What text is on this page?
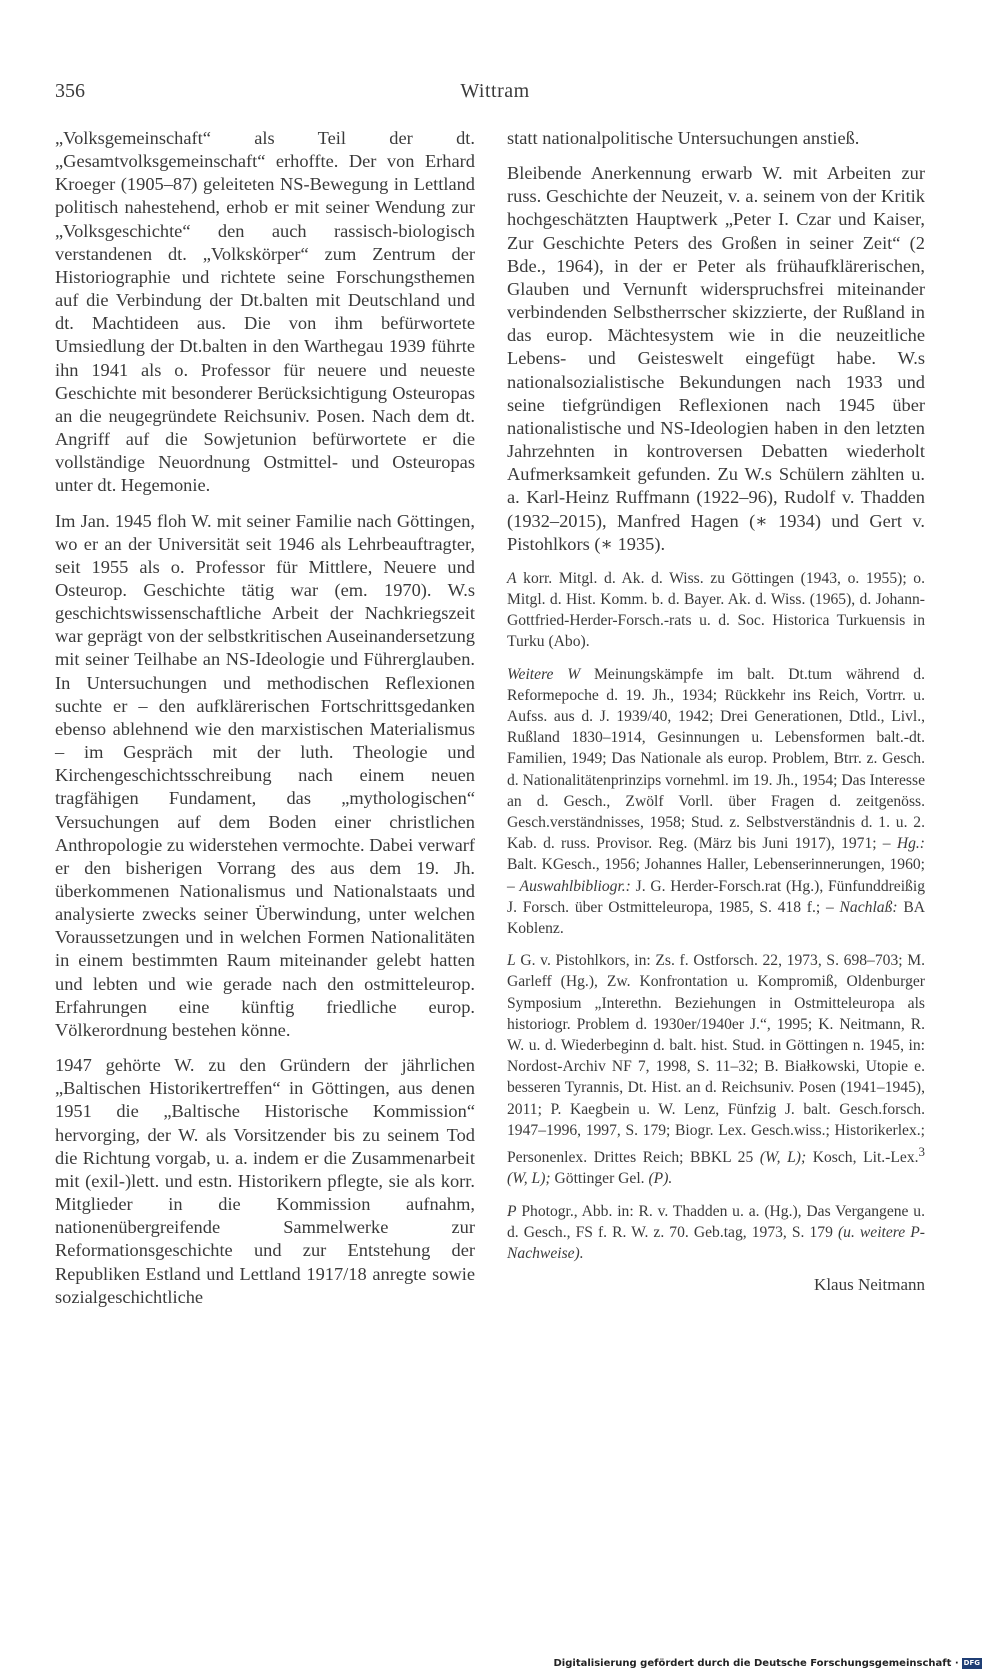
356	Wittram

„Volksgemeinschaft“ als Teil der dt. „Gesamtvolksgemeinschaft“ erhoffte. Der von Erhard Kroeger (1905–87) geleiteten NS-Bewegung in Lettland politisch nahestehend, erhob er mit seiner Wendung zur „Volksgeschichte“ den auch rassisch-biologisch verstandenen dt. „Volkskörper“ zum Zentrum der Historiographie und richtete seine Forschungsthemen auf die Verbindung der Dt.balten mit Deutschland und dt. Machtideen aus. Die von ihm befürwortete Umsiedlung der Dt.balten in den Warthegau 1939 führte ihn 1941 als o. Professor für neuere und neueste Geschichte mit besonderer Berücksichtigung Osteuropas an die neugegründete Reichsuniv. Posen. Nach dem dt. Angriff auf die Sowjetunion befürwortete er die vollständige Neuordnung Ostmittel- und Osteuropas unter dt. Hegemonie.

Im Jan. 1945 floh W. mit seiner Familie nach Göttingen, wo er an der Universität seit 1946 als Lehrbeauftragter, seit 1955 als o. Professor für Mittlere, Neuere und Osteurop. Geschichte tätig war (em. 1970). W.s geschichtswissenschaftliche Arbeit der Nachkriegszeit war geprägt von der selbstkritischen Auseinandersetzung mit seiner Teilhabe an NS-Ideologie und Führerglauben. In Untersuchungen und methodischen Reflexionen suchte er – den aufklärerischen Fortschrittsgedanken ebenso ablehnend wie den marxistischen Materialismus – im Gespräch mit der luth. Theologie und Kirchengeschichtsschreibung nach einem neuen tragfähigen Fundament, das „mythologischen“ Versuchungen auf dem Boden einer christlichen Anthropologie zu widerstehen vermochte. Dabei verwarf er den bisherigen Vorrang des aus dem 19. Jh. überkommenen Nationalismus und Nationalstaats und analysierte zwecks seiner Überwindung, unter welchen Voraussetzungen und in welchen Formen Nationalitäten in einem bestimmten Raum miteinander gelebt hatten und lebten und wie gerade nach den ostmitteleurop. Erfahrungen eine künftig friedliche europ. Völkerordnung bestehen könne.

1947 gehörte W. zu den Gründern der jährlichen „Baltischen Historikertreffen“ in Göttingen, aus denen 1951 die „Baltische Historische Kommission“ hervorging, der W. als Vorsitzender bis zu seinem Tod die Richtung vorgab, u. a. indem er die Zusammenarbeit mit (exil-)lett. und estn. Historikern pflegte, sie als korr. Mitglieder in die Kommission aufnahm, nationenübergreifende Sammelwerke zur Reformationsgeschichte und zur Entstehung der Republiken Estland und Lettland 1917/18 anregte sowie sozialgeschichtliche

statt nationalpolitische Untersuchungen anstieß.

Bleibende Anerkennung erwarb W. mit Arbeiten zur russ. Geschichte der Neuzeit, v. a. seinem von der Kritik hochgeschätzten Hauptwerk „Peter I. Czar und Kaiser, Zur Geschichte Peters des Großen in seiner Zeit“ (2 Bde., 1964), in der er Peter als frühaufklärerischen, Glauben und Vernunft widerspruchsfrei miteinander verbindenden Selbstherrscher skizzierte, der Rußland in das europ. Mächtesystem wie in die neuzeitliche Lebens- und Geisteswelt eingefügt habe. W.s nationalsozialistische Bekundungen nach 1933 und seine tiefgründigen Reflexionen nach 1945 über nationalistische und NS-Ideologien haben in den letzten Jahrzehnten in kontroversen Debatten wiederholt Aufmerksamkeit gefunden. Zu W.s Schülern zählten u. a. Karl-Heinz Ruffmann (1922–96), Rudolf v. Thadden (1932–2015), Manfred Hagen (∗ 1934) und Gert v. Pistohlkors (∗ 1935).

A korr. Mitgl. d. Ak. d. Wiss. zu Göttingen (1943, o. 1955); o. Mitgl. d. Hist. Komm. b. d. Bayer. Ak. d. Wiss. (1965), d. Johann-Gottfried-Herder-Forsch.-rats u. d. Soc. Historica Turkuensis in Turku (Abo).

Weitere W Meinungskämpfe im balt. Dt.tum während d. Reformepoche d. 19. Jh., 1934; Rückkehr ins Reich, Vortrr. u. Aufss. aus d. J. 1939/40, 1942; Drei Generationen, Dtld., Livl., Rußland 1830–1914, Gesinnungen u. Lebensformen balt.-dt. Familien, 1949; Das Nationale als europ. Problem, Btrr. z. Gesch. d. Nationalitätenprinzips vornehml. im 19. Jh., 1954; Das Interesse an d. Gesch., Zwölf Vorll. über Fragen d. zeitgenöss. Gesch.verständnisses, 1958; Stud. z. Selbstverständnis d. 1. u. 2. Kab. d. russ. Provisor. Reg. (März bis Juni 1917), 1971; – Hg.: Balt. KGesch., 1956; Johannes Haller, Lebenserinnerungen, 1960; – Auswahlbibliogr.: J. G. Herder-Forsch.rat (Hg.), Fünfunddreißig J. Forsch. über Ostmitteleuropa, 1985, S. 418 f.; – Nachlaß: BA Koblenz.

L G. v. Pistohlkors, in: Zs. f. Ostforsch. 22, 1973, S. 698–703; M. Garleff (Hg.), Zw. Konfrontation u. Kompromiß, Oldenburger Symposium „Interethn. Beziehungen in Ostmitteleuropa als historiogr. Problem d. 1930er/1940er J.“, 1995; K. Neitmann, R. W. u. d. Wiederbeginn d. balt. hist. Stud. in Göttingen n. 1945, in: Nordost-Archiv NF 7, 1998, S. 11–32; B. Białkowski, Utopie e. besseren Tyrannis, Dt. Hist. an d. Reichsuniv. Posen (1941–1945), 2011; P. Kaegbein u. W. Lenz, Fünfzig J. balt. Gesch.forsch. 1947–1996, 1997, S. 179; Biogr. Lex. Gesch.wiss.; Historikerlex.; Personenlex. Drittes Reich; BBKL 25 (W, L); Kosch, Lit.-Lex.$^3$ (W, L); Göttinger Gel. (P).

P Photogr., Abb. in: R. v. Thadden u. a. (Hg.), Das Vergangene u. d. Gesch., FS f. R. W. z. 70. Geb.tag, 1973, S. 179 (u. weitere P-Nachweise).

Klaus Neitmann
Digitalisierung gefördert durch die Deutsche Forschungsgemeinschaft · DFG
